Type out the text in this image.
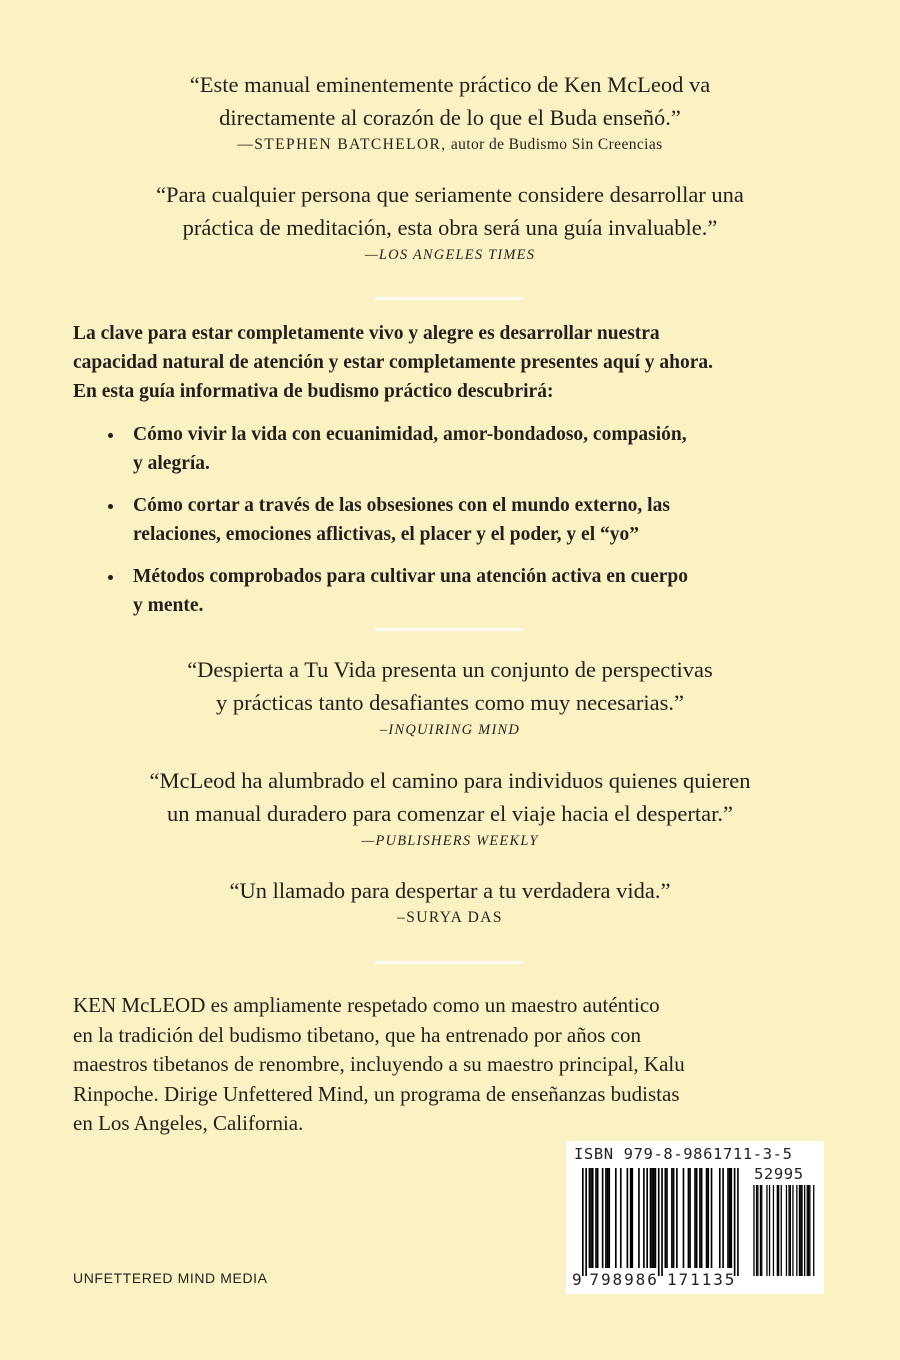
“Este manual eminentemente práctico de Ken McLeod va

directamente al corazón de lo que el Buda enseñó.”

—STEPHEN BATCHELOR, autor de Budismo Sin Creencias

“Para cualquier persona que seriamente considere desarrollar una

práctica de meditación, esta obra será una guía invaluable.”

—LOS ANGELES TIMES

La clave para estar completamente vivo y alegre es desarrollar nuestra

capacidad natural de atención y estar completamente presentes aquí y ahora.

En esta guía informativa de budismo práctico descubrirá:

Cómo vivir la vida con ecuanimidad, amor-bondadoso, compasión,
y alegría.
Cómo cortar a través de las obsesiones con el mundo externo, las
relaciones, emociones aflictivas, el placer y el poder, y el “yo”
Métodos comprobados para cultivar una atención activa en cuerpo
y mente.

“Despierta a Tu Vida presenta un conjunto de perspectivas

y prácticas tanto desafiantes como muy necesarias.”

–INQUIRING MIND

“McLeod ha alumbrado el camino para individuos quienes quieren

un manual duradero para comenzar el viaje hacia el despertar.”

—PUBLISHERS WEEKLY

“Un llamado para despertar a tu verdadera vida.”

–SURYA DAS

KEN McLEOD es ampliamente respetado como un maestro auténtico
en la tradición del budismo tibetano, que ha entrenado por años con
maestros tibetanos de renombre, incluyendo a su maestro principal, Kalu
Rinpoche. Dirige Unfettered Mind, un programa de enseñanzas budistas
en Los Angeles, California.
UNFETTERED MIND MEDIA
ISBN 979-8-9861711-3-5
52995
9 7 9 8 9 8 6 1 7 1 1 3 5
